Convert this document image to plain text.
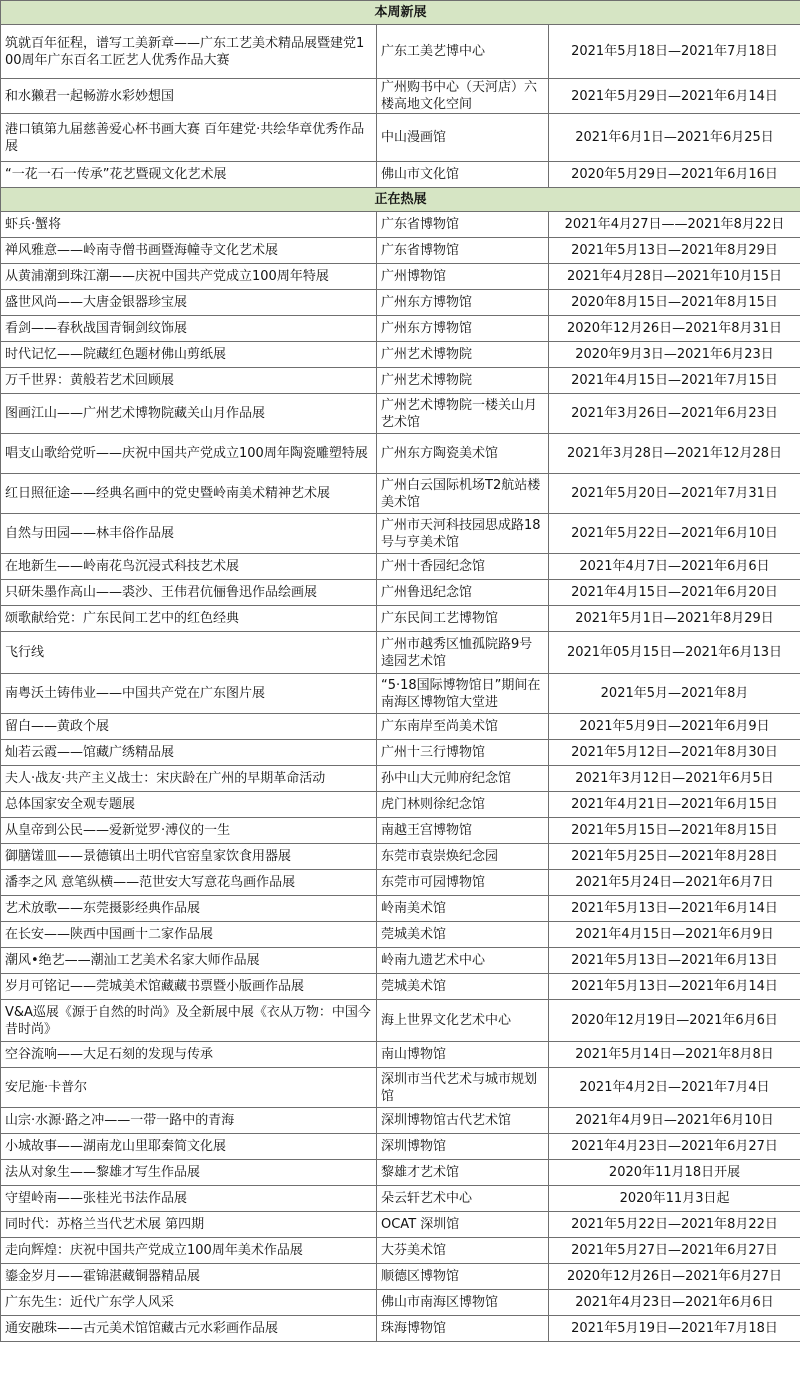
本周新展		
筑就百年征程，谱写工美新章——广东工艺美术精品展暨建党100周年广东百名工匠艺人优秀作品大赛	广东工美艺博中心	2021年5月18日—2021年7月18日
和水獭君一起畅游水彩妙想国	广州购书中心（天河店）六楼高地文化空间	2021年5月29日—2021年6月14日
港口镇第九届慈善爱心杯书画大赛 百年建党·共绘华章优秀作品展	中山漫画馆	2021年6月1日—2021年6月25日
“一花一石一传承”花艺暨砚文化艺术展	佛山市文化馆	2020年5月29日—2021年6月16日
正在热展		
虾兵·蟹将	广东省博物馆	2021年4月27日——2021年8月22日
禅风雅意——岭南寺僧书画暨海幢寺文化艺术展	广东省博物馆	2021年5月13日—2021年8月29日
从黄浦潮到珠江潮——庆祝中国共产党成立100周年特展	广州博物馆	2021年4月28日—2021年10月15日
盛世风尚——大唐金银器珍宝展	广州东方博物馆	2020年8月15日—2021年8月15日
看剑——春秋战国青铜剑纹饰展	广州东方博物馆	2020年12月26日—2021年8月31日
时代记忆——院藏红色题材佛山剪纸展	广州艺术博物院	2020年9月3日—2021年6月23日
万千世界：黄般若艺术回顾展	广州艺术博物院	2021年4月15日—2021年7月15日
图画江山——广州艺术博物院藏关山月作品展	广州艺术博物院一楼关山月艺术馆	2021年3月26日—2021年6月23日
唱支山歌给党听——庆祝中国共产党成立100周年陶瓷雕塑特展	广州东方陶瓷美术馆	2021年3月28日—2021年12月28日
红日照征途——经典名画中的党史暨岭南美术精神艺术展	广州白云国际机场T2航站楼美术馆	2021年5月20日—2021年7月31日
自然与田园——林丰俗作品展	广州市天河科技园思成路18号与亨美术馆	2021年5月22日—2021年6月10日
在地新生——岭南花鸟沉浸式科技艺术展	广州十香园纪念馆	2021年4月7日—2021年6月6日
只研朱墨作高山——裘沙、王伟君伉俪鲁迅作品绘画展	广州鲁迅纪念馆	2021年4月15日—2021年6月20日
颂歌献给党：广东民间工艺中的红色经典	广东民间工艺博物馆	2021年5月1日—2021年8月29日
飞行线	广州市越秀区恤孤院路9号逵园艺术馆	2021年05月15日—2021年6月13日
南粤沃土铸伟业——中国共产党在广东图片展	“5·18国际博物馆日”期间在南海区博物馆大堂进	2021年5月—2021年8月
留白——黄政个展	广东南岸至尚美术馆	2021年5月9日—2021年6月9日
灿若云霞——馆藏广绣精品展	广州十三行博物馆	2021年5月12日—2021年8月30日
夫人·战友·共产主义战士：宋庆龄在广州的早期革命活动	孙中山大元帅府纪念馆	2021年3月12日—2021年6月5日
总体国家安全观专题展	虎门林则徐纪念馆	2021年4月21日—2021年6月15日
从皇帝到公民——爱新觉罗·溥仪的一生	南越王宫博物馆	2021年5月15日—2021年8月15日
御膳馐皿——景德镇出土明代官窑皇家饮食用器展	东莞市袁崇焕纪念园	2021年5月25日—2021年8月28日
潘李之风 意笔纵横——范世安大写意花鸟画作品展	东莞市可园博物馆	2021年5月24日—2021年6月7日
艺术放歌——东莞摄影经典作品展	岭南美术馆	2021年5月13日—2021年6月14日
在长安——陕西中国画十二家作品展	莞城美术馆	2021年4月15日—2021年6月9日
潮风•绝艺——潮汕工艺美术名家大师作品展	岭南九遗艺术中心	2021年5月13日—2021年6月13日
岁月可铭记——莞城美术馆藏藏书票暨小版画作品展	莞城美术馆	2021年5月13日—2021年6月14日
V&A巡展《源于自然的时尚》及全新展中展《衣从万物：中国今昔时尚》	海上世界文化艺术中心	2020年12月19日—2021年6月6日
空谷流响——大足石刻的发现与传承	南山博物馆	2021年5月14日—2021年8月8日
安尼施·卡普尔	深圳市当代艺术与城市规划馆	2021年4月2日—2021年7月4日
山宗·水源·路之冲——一带一路中的青海	深圳博物馆古代艺术馆	2021年4月9日—2021年6月10日
小城故事——湖南龙山里耶秦简文化展	深圳博物馆	2021年4月23日—2021年6月27日
法从对象生——黎雄才写生作品展	黎雄才艺术馆	2020年11月18日开展
守望岭南——张桂光书法作品展	朵云轩艺术中心	2020年11月3日起
同时代：苏格兰当代艺术展 第四期	OCAT 深圳馆	2021年5月22日—2021年8月22日
走向辉煌：庆祝中国共产党成立100周年美术作品展	大芬美术馆	2021年5月27日—2021年6月27日
鎏金岁月——霍锦湛藏铜器精品展	顺德区博物馆	2020年12月26日—2021年6月27日
广东先生：近代广东学人风采	佛山市南海区博物馆	2021年4月23日—2021年6月6日
通安融珠——古元美术馆馆藏古元水彩画作品展	珠海博物馆	2021年5月19日—2021年7月18日
